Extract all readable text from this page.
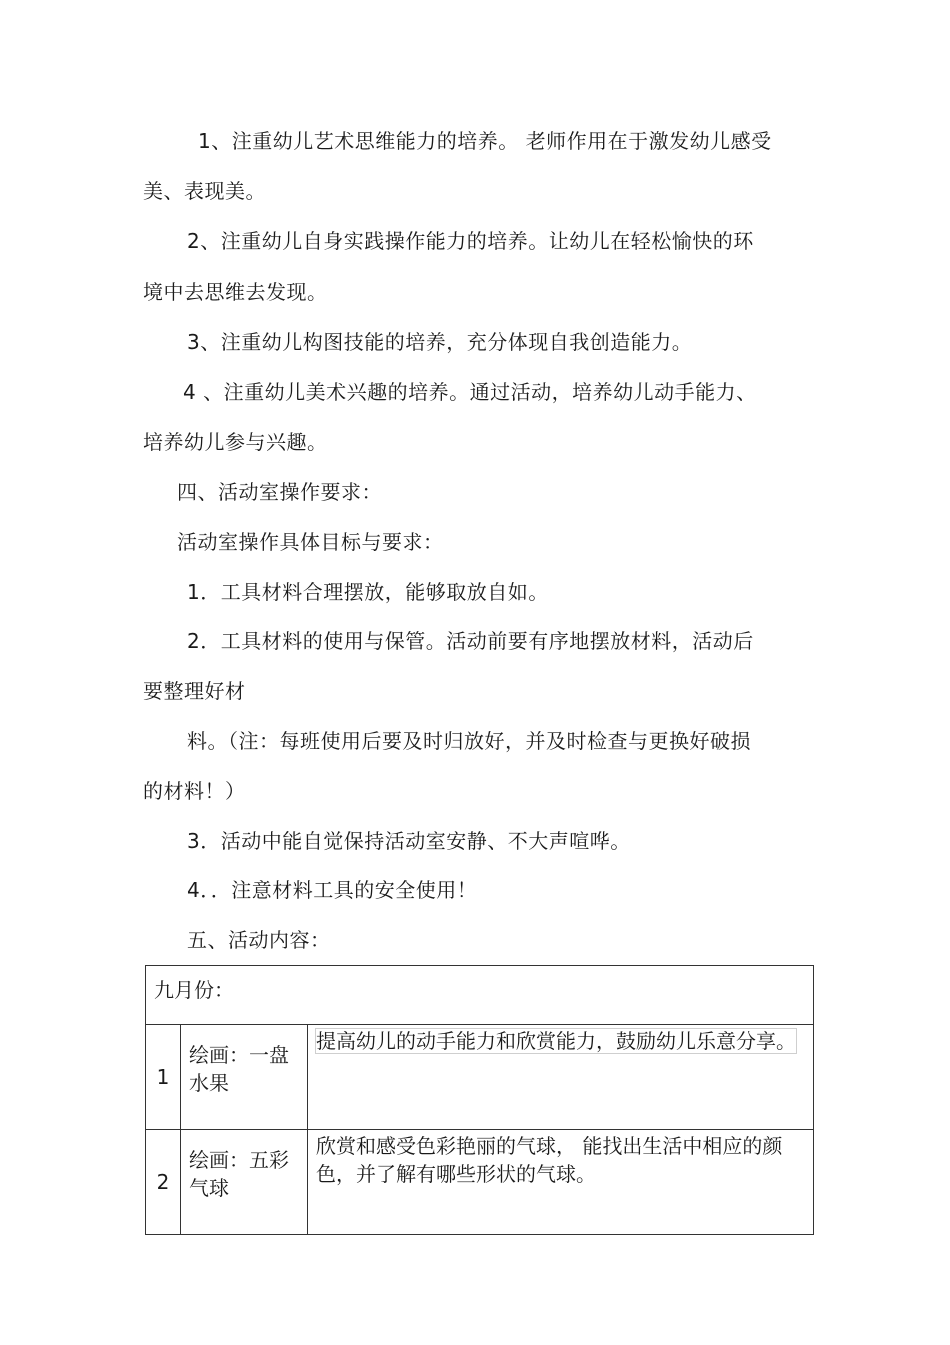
1、注重幼儿艺术思维能力的培养。 老师作用在于激发幼儿感受
美、表现美。
2、注重幼儿自身实践操作能力的培养。让幼儿在轻松愉快的环
境中去思维去发现。
3、注重幼儿构图技能的培养，充分体现自我创造能力。
4 、注重幼儿美术兴趣的培养。通过活动，培养幼儿动手能力、
培养幼儿参与兴趣。
四、活动室操作要求：
活动室操作具体目标与要求：
1．工具材料合理摆放，能够取放自如。
2．工具材料的使用与保管。活动前要有序地摆放材料，活动后
要整理好材
料。（注：每班使用后要及时归放好，并及时检查与更换好破损
的材料！）
3．活动中能自觉保持活动室安静、不大声喧哗。
4．．注意材料工具的安全使用！
五、活动内容：
九月份：		
1	绘画：一盘水果	提高幼儿的动手能力和欣赏能力，鼓励幼儿乐意分享。
2	绘画：五彩气球	欣赏和感受色彩艳丽的气球， 能找出生活中相应的颜色，并了解有哪些形状的气球。
